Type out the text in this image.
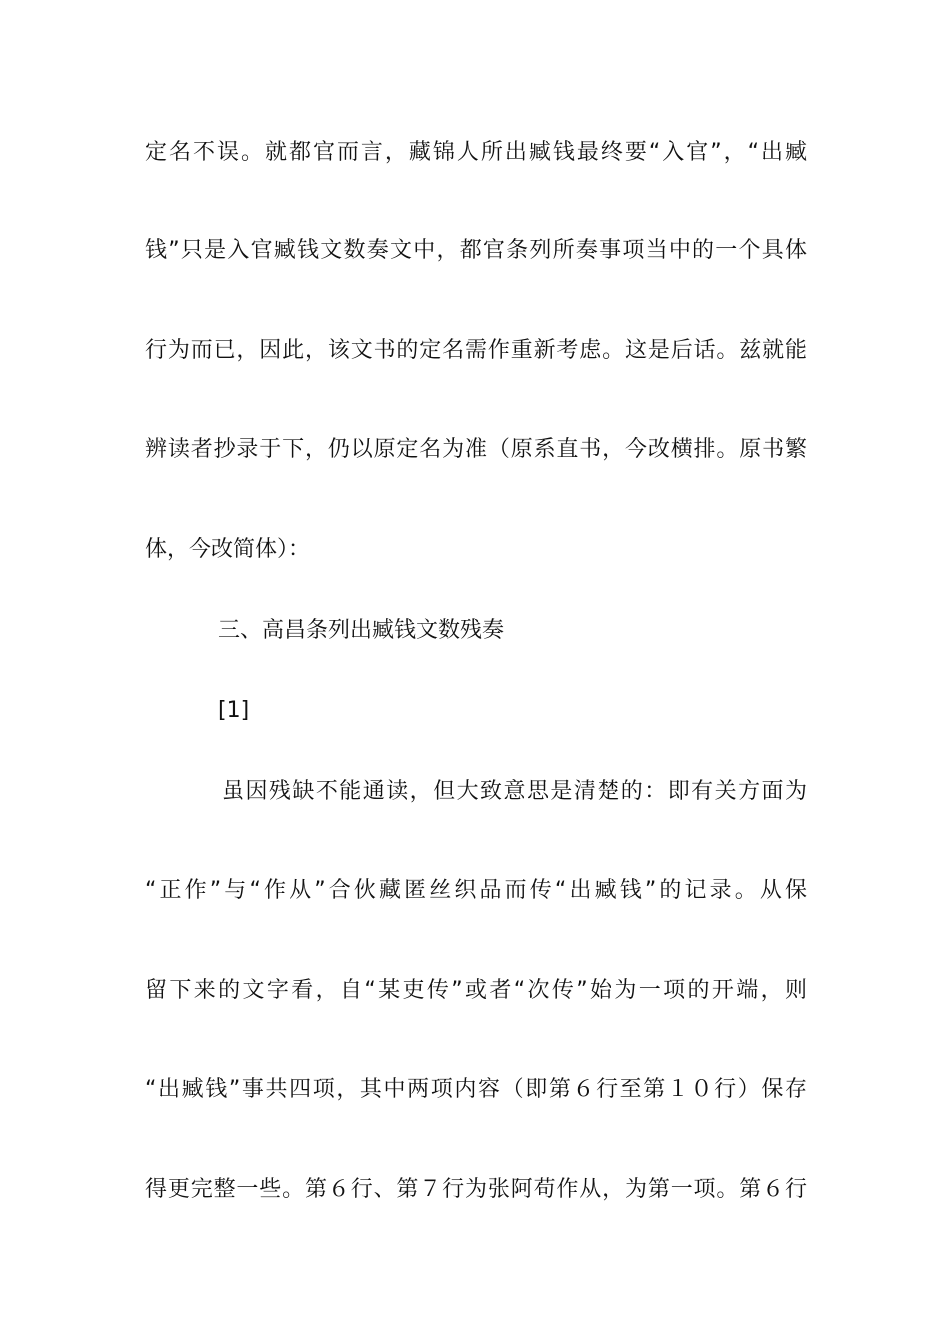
定名不误。就都官而言，藏锦人所出臧钱最终要“入官”，“出臧
钱”只是入官臧钱文数奏文中，都官条列所奏事项当中的一个具体
行为而已，因此，该文书的定名需作重新考虑。这是后话。兹就能
辨读者抄录于下，仍以原定名为准（原系直书，今改横排。原书繁
体，今改简体）：
三、高昌条列出臧钱文数残奏
[1]
虽因残缺不能通读，但大致意思是清楚的：即有关方面为
“正作”与“作从”合伙藏匿丝织品而传“出臧钱”的记录。从保
留下来的文字看，自“某吏传”或者“次传”始为一项的开端，则
“出臧钱”事共四项，其中两项内容（即第６行至第１０行）保存
得更完整一些。第６行、第７行为张阿苟作从，为第一项。第６行
